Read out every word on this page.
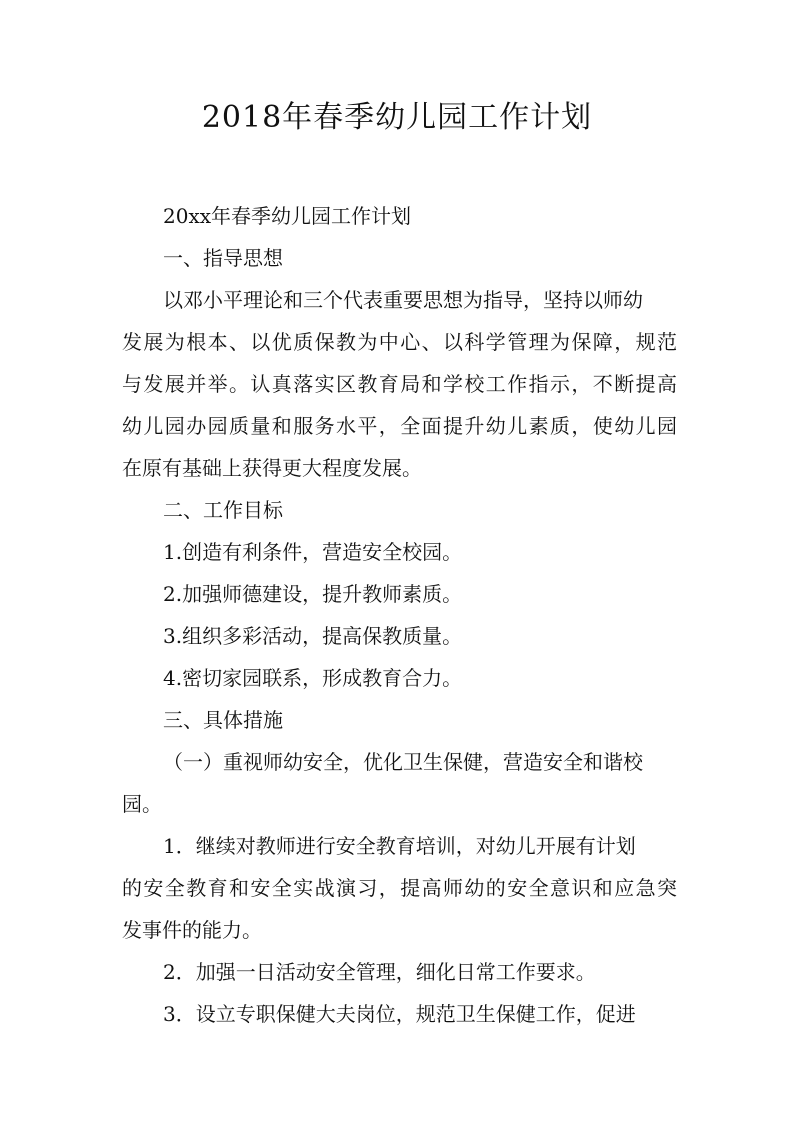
2018年春季幼儿园工作计划
20xx年春季幼儿园工作计划
一、指导思想
以邓小平理论和三个代表重要思想为指导，坚持以师幼
发展为根本、以优质保教为中心、以科学管理为保障，规范
与发展并举。认真落实区教育局和学校工作指示，不断提高
幼儿园办园质量和服务水平，全面提升幼儿素质，使幼儿园
在原有基础上获得更大程度发展。
二、工作目标
1.创造有利条件，营造安全校园。
2.加强师德建设，提升教师素质。
3.组织多彩活动，提高保教质量。
4.密切家园联系，形成教育合力。
三、具体措施
（一）重视师幼安全，优化卫生保健，营造安全和谐校
园。
1．继续对教师进行安全教育培训，对幼儿开展有计划
的安全教育和安全实战演习，提高师幼的安全意识和应急突
发事件的能力。
2．加强一日活动安全管理，细化日常工作要求。
3．设立专职保健大夫岗位，规范卫生保健工作，促进
